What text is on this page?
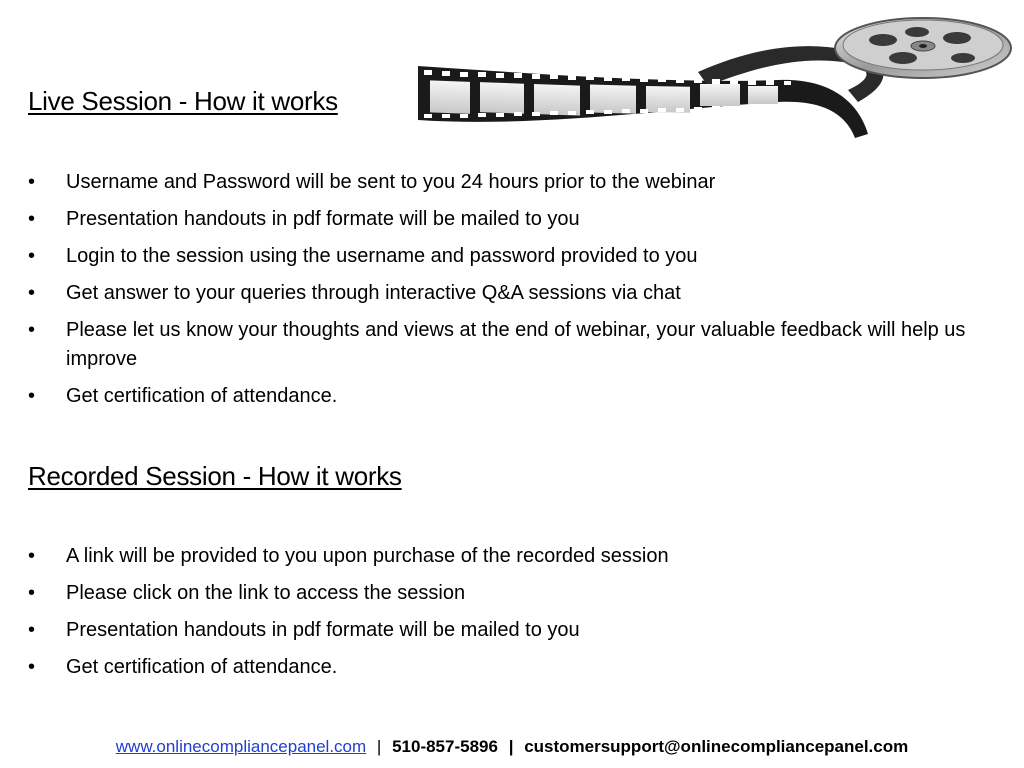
Live Session - How it works
•	Username and Password will be sent to you 24 hours prior to the webinar
•	Presentation handouts in pdf formate will be mailed to you
•	Login to the session using the username and password provided to you
•	Get answer to your queries through interactive Q&A sessions via chat
•	Please let us know your thoughts and views at the end of webinar, your valuable feedback will help us improve
•	Get certification of attendance.
Recorded Session - How it works
•	A link will be provided to you upon purchase of the recorded session
•	Please click on the link to access the session
•	Presentation handouts in pdf formate will be mailed to you
•	Get certification of attendance.
www.onlinecompliancepanel.com | 510-857-5896 | customersupport@onlinecompliancepanel.com
